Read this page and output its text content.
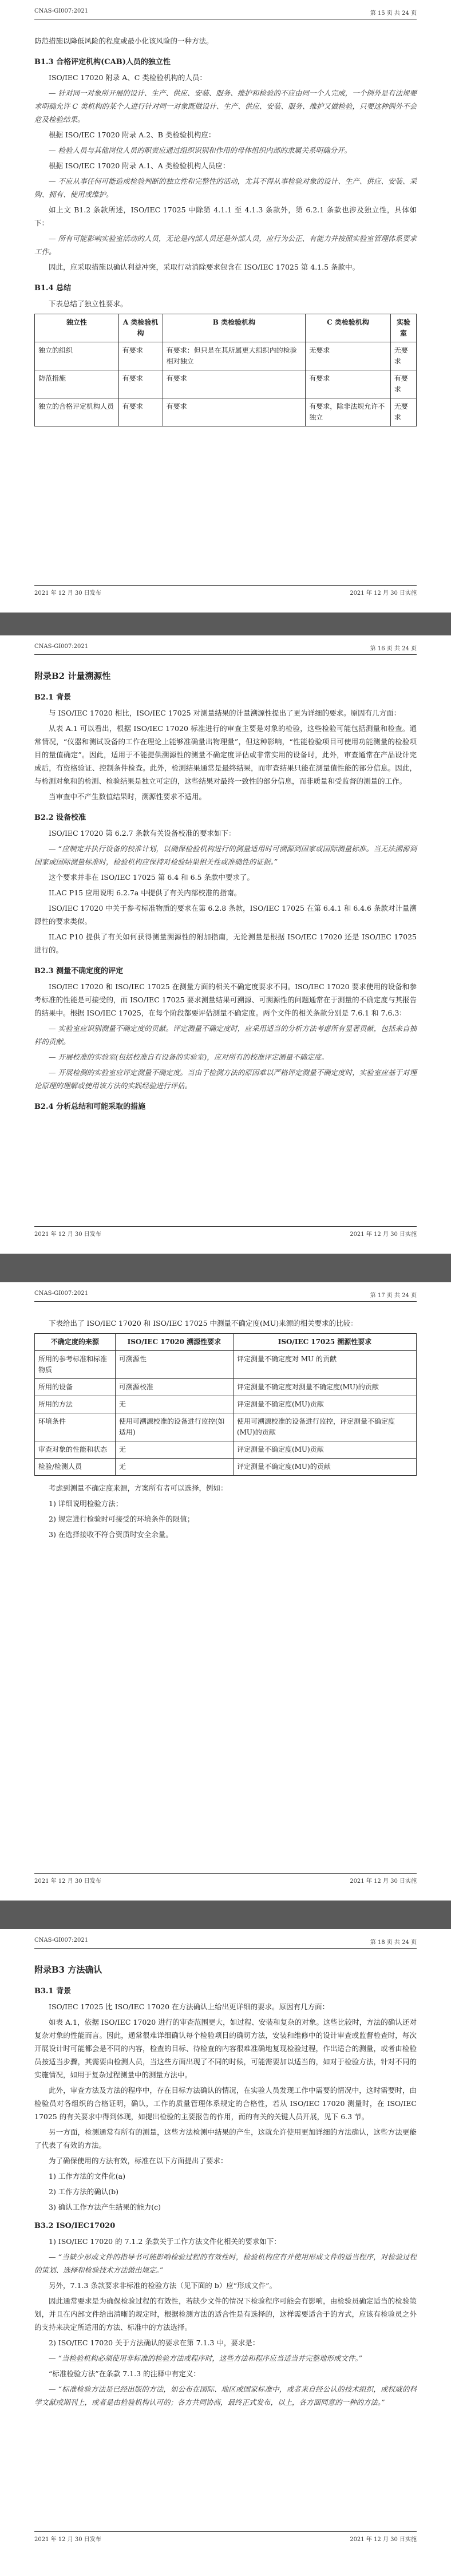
CNAS-GI007:2021	第 15 页 共 24 页

防范措施以降低风险的程度或最小化该风险的一种方法。

B1.3 合格评定机构(CAB)人员的独立性

ISO/IEC 17020 附录 A、C 类检验机构的人员：

— 针对同一对象所开展的设计、生产、供应、安装、服务、维护和检验的不应由同一个人完成，一个例外是有法规要求明确允许 C 类机构的某个人进行针对同一对象既做设计、生产、供应、安装、服务、维护又做检验，只要这种例外不会危及检验结果。

根据 ISO/IEC 17020 附录 A.2、B 类检验机构应：

— 检验人员与其他岗位人员的职责应通过组织识别和作用的母体组织内部的隶属关系明确分开。

根据 ISO/IEC 17020 附录 A.1、A 类检验机构人员应：

— 不应从事任何可能造成检验判断的独立性和完整性的活动，尤其不得从事检验对象的设计、生产、供应、安装、采购、拥有、使用或维护。

如上文 B1.2 条款所述，ISO/IEC 17025 中除第 4.1.1 至 4.1.3 条款外，第 6.2.1 条款也涉及独立性，具体如下：

— 所有可能影响实验室活动的人员，无论是内部人员还是外部人员，应行为公正、有能力并按照实验室管理体系要求工作。

因此，应采取措施以确认利益冲突，采取行动消除要求包含在 ISO/IEC 17025 第 4.1.5 条款中。

B1.4 总结

下表总结了独立性要求。

独立性	A 类检验机构	B 类检验机构	C 类检验机构	实验室
独立的组织	有要求	有要求：但只是在其所属更大组织内的检验相对独立	无要求	无要求
防范措施	有要求	有要求	有要求	有要求
独立的合格评定机构人员	有要求	有要求	有要求，除非法规允许不独立	无要求
2021 年 12 月 30 日发布	2021 年 12 月 30 日实施
CNAS-GI007:2021	第 16 页 共 24 页
附录B2 计量溯源性
B2.1 背景

与 ISO/IEC 17020 相比，ISO/IEC 17025 对测量结果的计量溯源性提出了更为详细的要求。原因有几方面：

从表 A.1 可以看出，根据 ISO/IEC 17020 标准进行的审查主要是对象的检验，这些检验可能包括测量和检查。通常情况，“仪器和测试设备的工作在理论上能够准确量出物理量”，但这种影响，“性能检验项目可使用功能测量的检验项目的量值确定”。因此，适用于不能提供溯源性的测量不确定度评估或非常实用的设备时，此外，审查通常在产品设计完成后，有资格验证、控制条件检查。此外，检测结果通常是最终结果，而审查结果只能在测量值性能的部分信息。因此，与检测对象和的检测、检验结果是独立可定的，这些结果对最终一致性的部分信息，而非质量和受监督的测量的工作。

当审查中不产生数值结果时，溯源性要求不适用。

B2.2 设备校准

ISO/IEC 17020 第 6.2.7 条款有关设备校准的要求如下：

— “应制定并执行设备的校准计划，以确保检验机构进行的测量适用时可溯源到国家或国际测量标准。当无法溯源到国家或国际测量标准时，检验机构应保持对检验结果相关性或准确性的证据。”

这个要求并非在 ISO/IEC 17025 第 6.4 和 6.5 条款中要求了。

ILAC P15 应用说明 6.2.7a 中提供了有关内部校准的指南。

ISO/IEC 17020 中关于参考标准物质的要求在第 6.2.8 条款，ISO/IEC 17025 在第 6.4.1 和 6.4.6 条款对计量溯源性的要求类似。

ILAC P10 提供了有关如何获得测量溯源性的附加指南，无论测量是根据 ISO/IEC 17020 还是 ISO/IEC 17025 进行的。

B2.3 测量不确定度的评定

ISO/IEC 17020 和 ISO/IEC 17025 在测量方面的相关不确定度要求不同。ISO/IEC 17020 要求使用的设备和参考标准的性能是可接受的，而 ISO/IEC 17025 要求测量结果可溯源、可溯源性的问题通常在于测量的不确定度与其报告的结果中。根据 ISO/IEC 17025，在每个阶段都要评估测量不确定度。两个文件的相关条款分别是 7.6.1 和 7.6.3：

— 实验室应识别测量不确定度的贡献。评定测量不确定度时，应采用适当的分析方法考虑所有显著贡献，包括来自抽样的贡献。

— 开展校准的实验室(包括校准自有设备的实验室)，应对所有的校准评定测量不确定度。

— 开展检测的实验室应评定测量不确定度。当由于检测方法的原因难以严格评定测量不确定度时，实验室应基于对理论原理的理解或使用该方法的实践经验进行评估。

B2.4 分析总结和可能采取的措施
2021 年 12 月 30 日发布	2021 年 12 月 30 日实施
CNAS-GI007:2021	第 17 页 共 24 页

下表给出了 ISO/IEC 17020 和 ISO/IEC 17025 中测量不确定度(MU)来源的相关要求的比较：

不确定度的来源	ISO/IEC 17020 溯源性要求	ISO/IEC 17025 溯源性要求
所用的参考标准和标准物质	可溯源性	评定测量不确定度对 MU 的贡献
所用的设备	可溯源校准	评定测量不确定度对测量不确定度(MU)的贡献
所用的方法	无	评定测量不确定度(MU)贡献
环境条件	使用可溯源校准的设备进行监控(如适用)	使用可溯源校准的设备进行监控，评定测量不确定度(MU)的贡献
审查对象的性能和状态	无	评定测量不确定度(MU)贡献
检验/检测人员	无	评定测量不确定度(MU)的贡献

考虑到测量不确定度来源，方案所有者可以选择，例如：

1) 详细说明检验方法；

2) 规定进行检验时可接受的环境条件的限值；

3) 在选择接收不符合资质时安全余量。

2021 年 12 月 30 日发布	2021 年 12 月 30 日实施
CNAS-GI007:2021	第 18 页 共 24 页
附录B3 方法确认
B3.1 背景

ISO/IEC 17025 比 ISO/IEC 17020 在方法确认上给出更详细的要求。原因有几方面：

如表 A.1，依据 ISO/IEC 17020 进行的审查范围更大，如过程、安装和复杂的对象。这些比较时，方法的确认还对复杂对象的性能而言。因此，通常很难详细确认每个检验项目的确切方法，安装和维修中的设计审查或监督检查时，每次开展设计时可能都会是不同的内容，检查的目标、待检查的内容很难准确地复现检验过程，作出适合的测量，或者由检验员按适当步骤，其需要由检测人员，当这些方面出现了不同的时候，可能需要加以适当的，如对于检验方法，针对不同的实施情况，如用于复杂过程测量中的测量方法中。

此外，审查方法及方法的程序中，存在目标方法确认的情况，在实验人员发现工作中需要的情况中，这时需要时，由检验员对各组织的合格证明，确认，工作的质量管理体系规定的合格性，若从 ISO/IEC 17020 测量时，在 ISO/IEC 17025 的有关要求中得到体现，如提出检验的主要报告的作用，而的有关的关键人员开展，见下 6.3 节。

另一方面，检测通常有所有的测量，这些方法检测中结果的产生，这就允许使用更加详细的方法确认，这些方法更能了代表了有效的方法。

为了确保使用的方法有效，标准在以下方面提出了要求：

1) 工作方法的文件化(a)

2) 工作方法的确认(b)

3) 确认工作方法产生结果的能力(c)

B3.2 ISO/IEC17020

1) ISO/IEC 17020 的 7.1.2 条款关于工作方法文件化相关的要求如下：

— “当缺少形成文件的指导书可能影响检验过程的有效性时，检验机构应有并使用形成文件的适当程序，对检验过程的策划、选择和检验技术方法做出规定。”

另外，7.1.3 条款要求非标准的检验方法（见下面的 b）应“形成文件”。

因此通常要求是为确保检验过程的有效性，若缺少文件的情况下检验程序可能会有影响，由检验员确定适当的检验策划，并且在内部文件给出清晰的规定时，根据检测方法的适合性是有选择的，这样需要适合于的方式，应该有检验员之外的支持来决定所适用的方法、标准中的方法选择。

2) ISO/IEC 17020 关于方法确认的要求在第 7.1.3 中，要求是：

— “当检验机构必须使用非标准的检验方法或程序时，这些方法和程序应当适当并完整地形成文件。”

“标准检验方法”在条款 7.1.3 的注释中有定义：

— “标准检验方法是已经出版的方法，如公布在国际、地区或国家标准中，或者来自经公认的技术组织，或权威的科学文献或期刊上，或者是由检验机构认可的；各方共同协商，最终正式发布，以上，各方面同意的一种的方法。”

2021 年 12 月 30 日发布	2021 年 12 月 30 日实施
